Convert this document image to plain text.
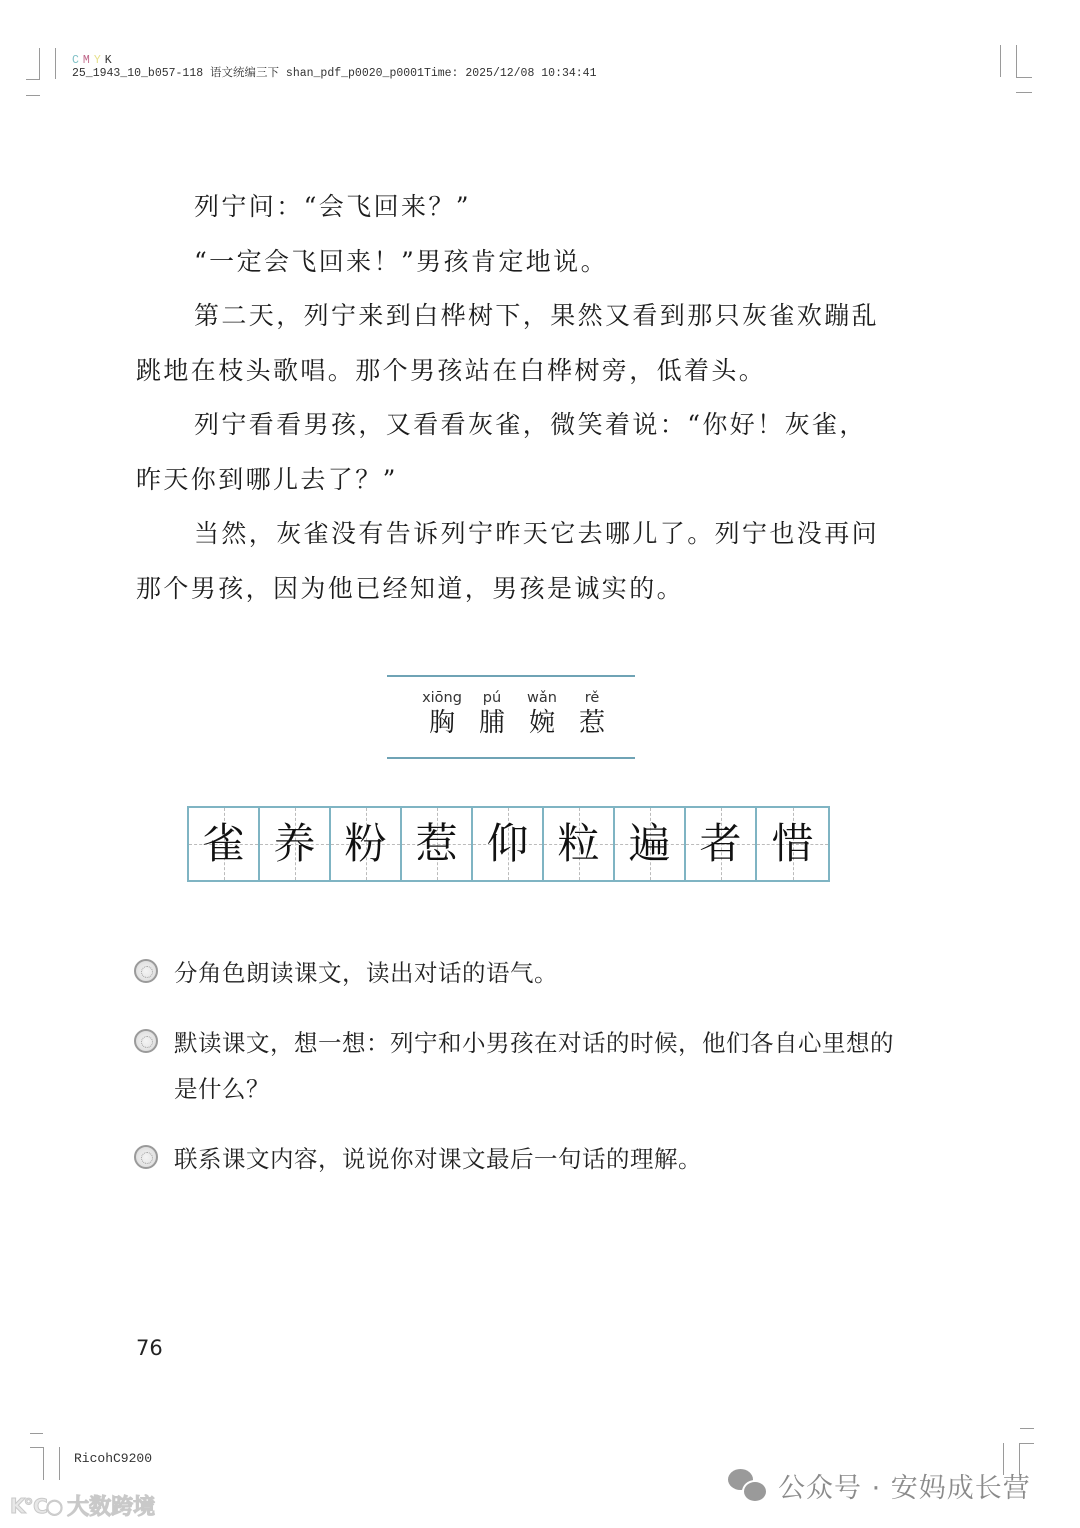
C M Y K
25_1943_10_b057-118 语文统编三下 shan_pdf_p0020_p0001Time: 2025/12/08 10:34:41

列宁问：“会飞回来？”

“一定会飞回来！”男孩肯定地说。

第二天，列宁来到白桦树下，果然又看到那只灰雀欢蹦乱跳地在枝头歌唱。那个男孩站在白桦树旁，低着头。

列宁看看男孩，又看看灰雀，微笑着说：“你好！灰雀，昨天你到哪儿去了？”

当然，灰雀没有告诉列宁昨天它去哪儿了。列宁也没再问那个男孩，因为他已经知道，男孩是诚实的。

xiōng
胸
pú
脯
wǎn
婉
rě
惹
雀 养 粉 惹 仰 粒 遍 者 惜
分角色朗读课文，读出对话的语气。
默读课文，想一想：列宁和小男孩在对话的时候，他们各自心里想的是什么？
联系课文内容，说说你对课文最后一句话的理解。
76
RicohC9200
K℃○ 大数跨境
公众号 · 安妈成长营
